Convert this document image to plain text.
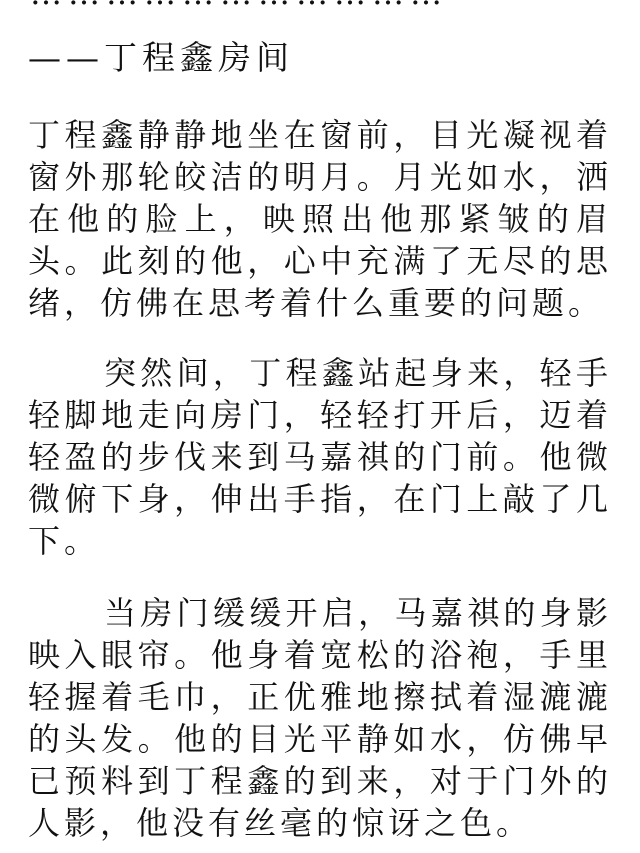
——丁程鑫房间

丁程鑫静静地坐在窗前，目光凝视着窗外那轮皎洁的明月。月光如水，洒在他的脸上，映照出他那紧皱的眉头。此刻的他，心中充满了无尽的思绪，仿佛在思考着什么重要的问题。

突然间，丁程鑫站起身来，轻手轻脚地走向房门，轻轻打开后，迈着轻盈的步伐来到马嘉祺的门前。他微微俯下身，伸出手指，在门上敲了几下。

当房门缓缓开启，马嘉祺的身影映入眼帘。他身着宽松的浴袍，手里轻握着毛巾，正优雅地擦拭着湿漉漉的头发。他的目光平静如水，仿佛早已预料到丁程鑫的到来，对于门外的人影，他没有丝毫的惊讶之色。
